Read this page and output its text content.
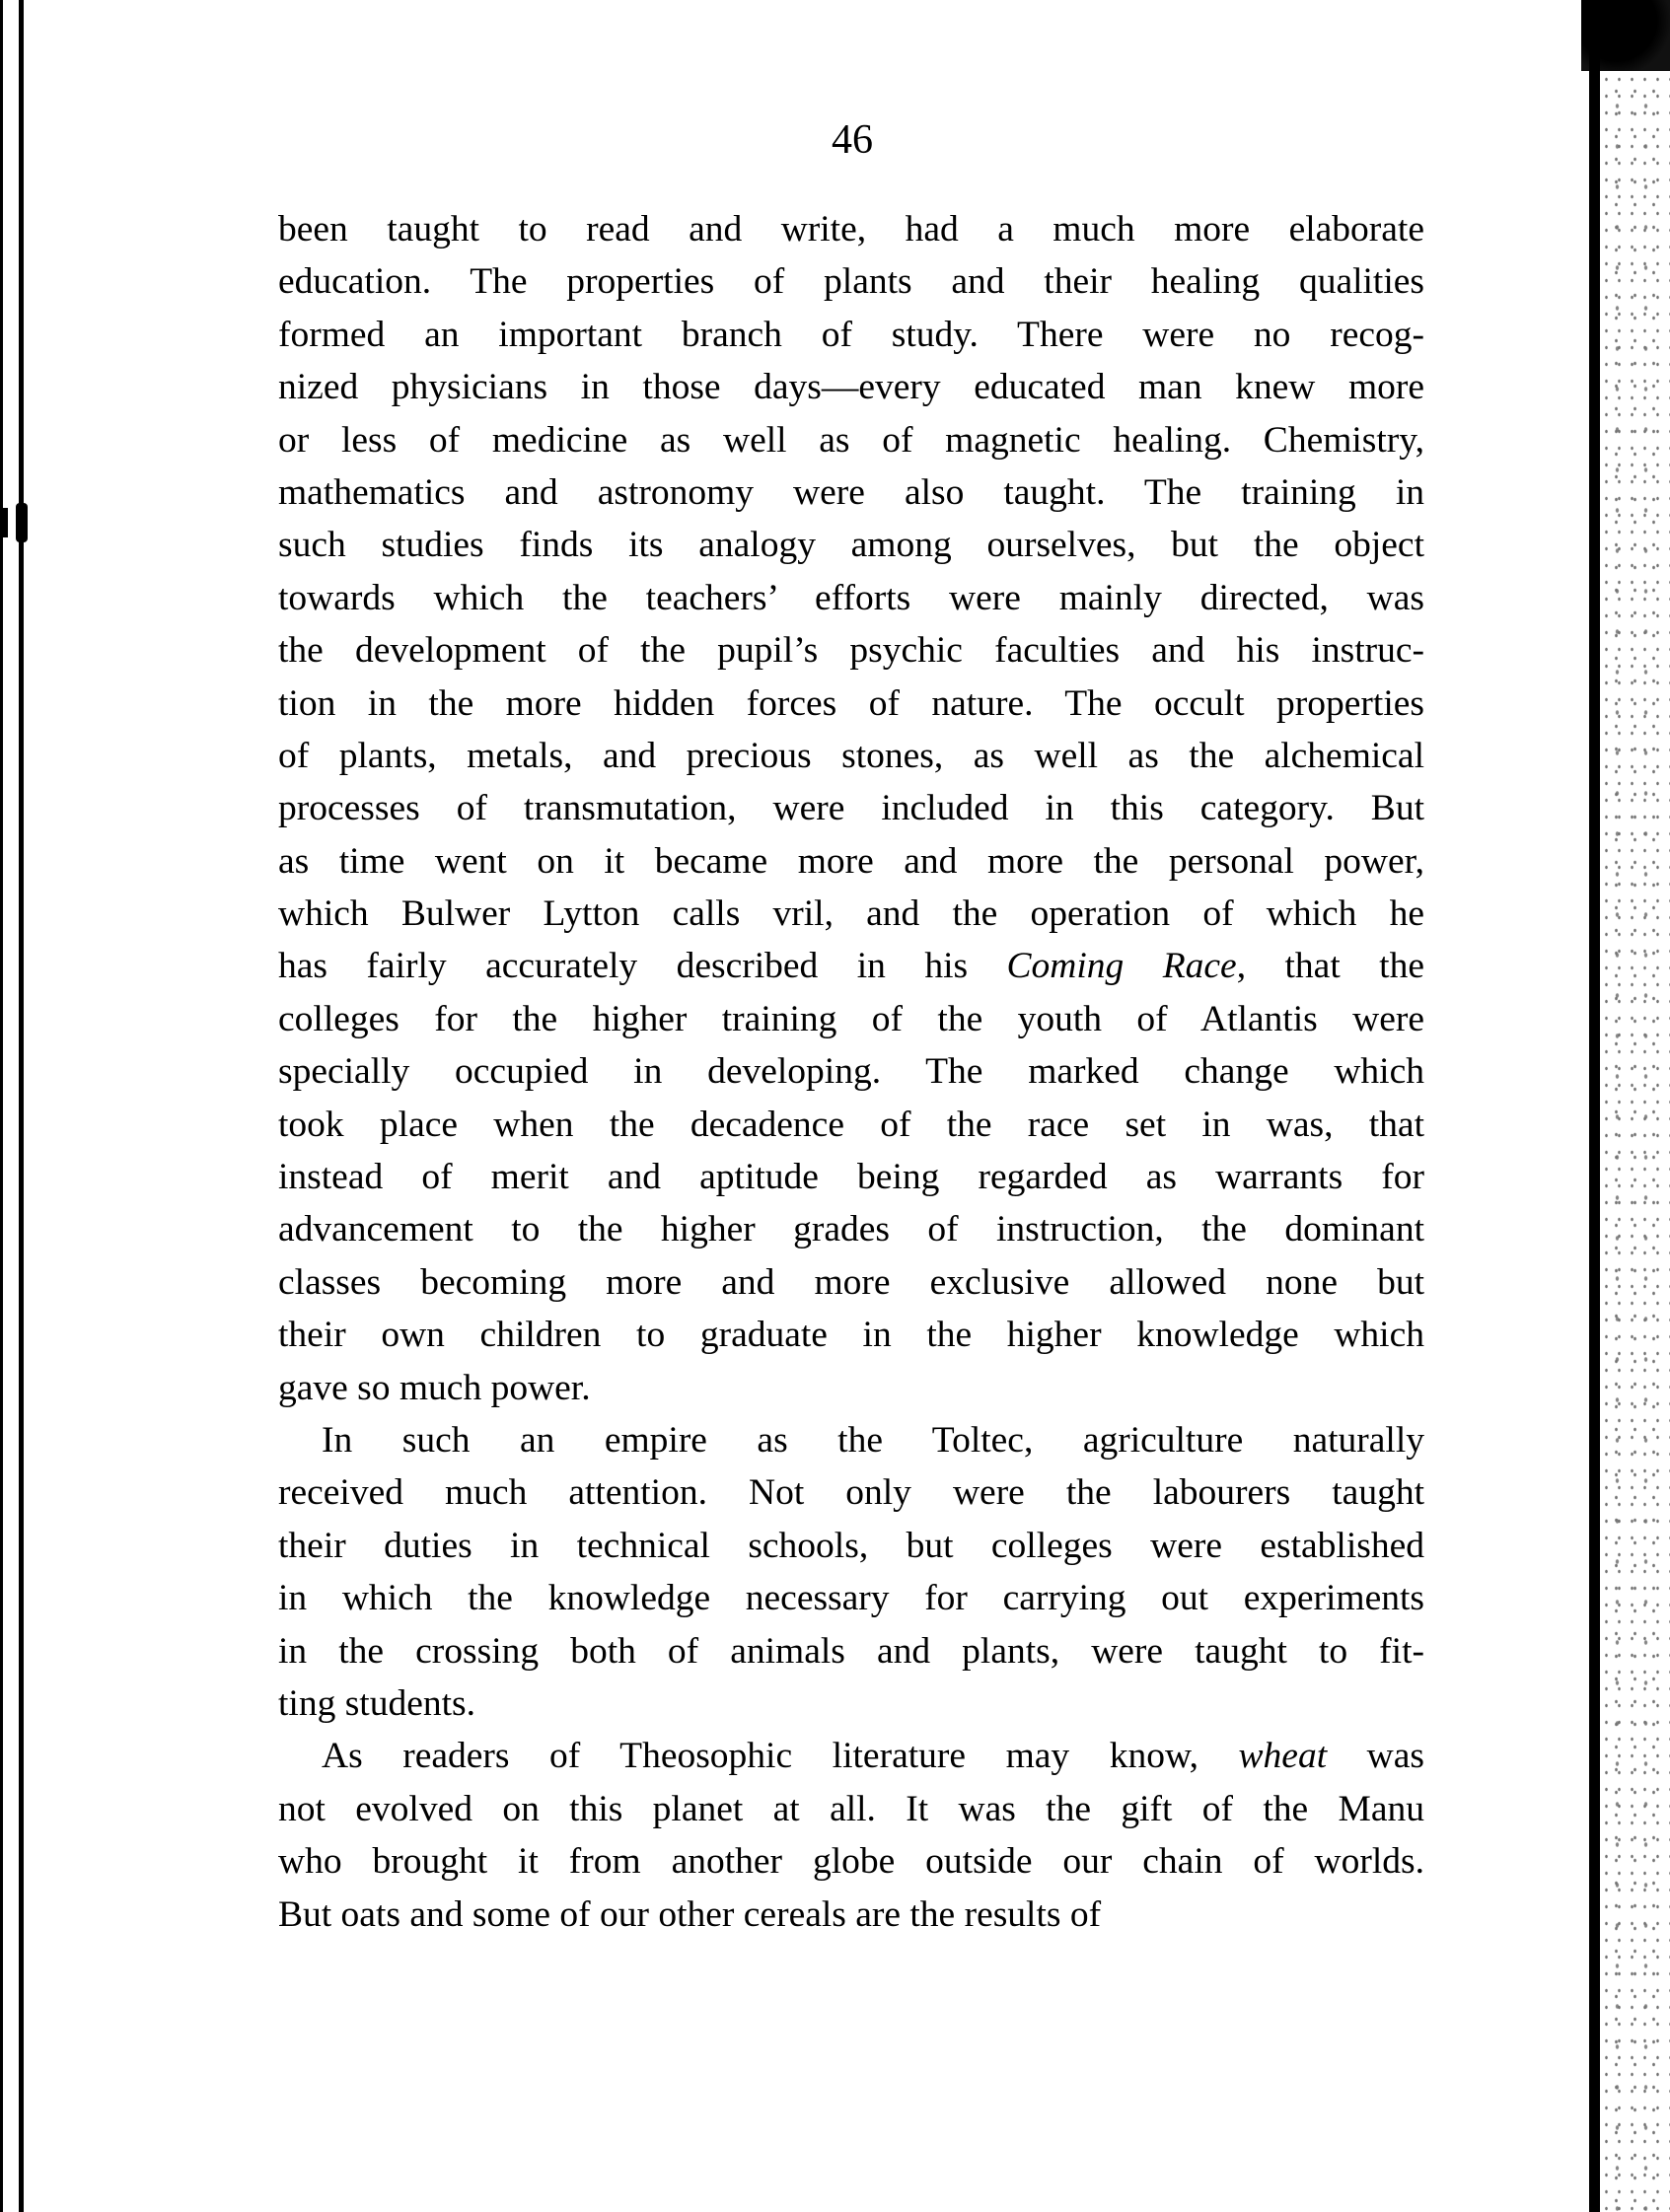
46
been taught to read and write, had a much more elaborate
education. The properties of plants and their healing qualities
formed an important branch of study. There were no recog-
nized physicians in those days—every educated man knew more
or less of medicine as well as of magnetic healing. Chemistry,
mathematics and astronomy were also taught. The training in
such studies finds its analogy among ourselves, but the object
towards which the teachers’ efforts were mainly directed, was
the development of the pupil’s psychic faculties and his instruc-
tion in the more hidden forces of nature. The occult properties
of plants, metals, and precious stones, as well as the alchemical
processes of transmutation, were included in this category. But
as time went on it became more and more the personal power,
which Bulwer Lytton calls vril, and the operation of which he
has fairly accurately described in his Coming Race, that the
colleges for the higher training of the youth of Atlantis were
specially occupied in developing. The marked change which
took place when the decadence of the race set in was, that
instead of merit and aptitude being regarded as warrants for
advancement to the higher grades of instruction, the dominant
classes becoming more and more exclusive allowed none but
their own children to graduate in the higher knowledge which
gave so much power.
In such an empire as the Toltec, agriculture naturally
received much attention. Not only were the labourers taught
their duties in technical schools, but colleges were established
in which the knowledge necessary for carrying out experiments
in the crossing both of animals and plants, were taught to fit-
ting students.
As readers of Theosophic literature may know, wheat was
not evolved on this planet at all. It was the gift of the Manu
who brought it from another globe outside our chain of worlds.
But oats and some of our other cereals are the results of
